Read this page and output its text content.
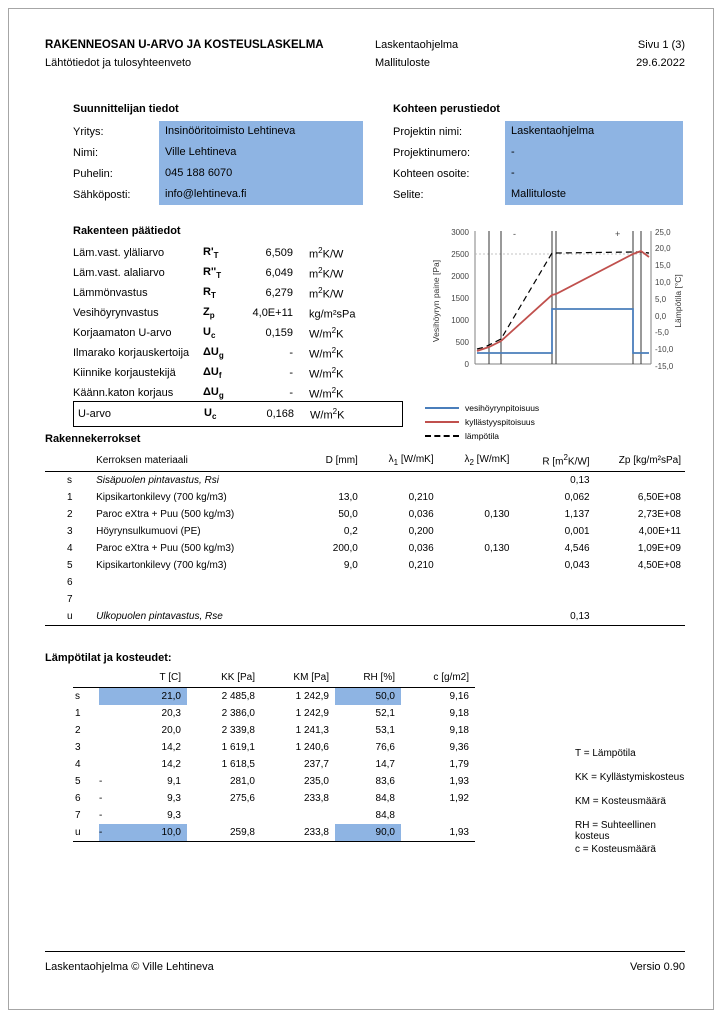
RAKENNEOSAN U-ARVO JA KOSTEUSLASKELMA
Lähtötiedot ja tulosyhteenveto
Laskentaohjelma
Mallituloste
Sivu 1 (3)
29.6.2022
Suunnittelijan tiedot
Yritys:	Insinööritoimisto Lehtineva
Nimi:	Ville Lehtineva
Puhelin:	045 188 6070
Sähköposti:	info@lehtineva.fi
Kohteen perustiedot
Projektin nimi:	Laskentaohjelma
Projektinumero:	-
Kohteen osoite:	-
Selite:	Mallituloste
Rakenteen päätiedot
Läm.vast. yläliarvo	$R'_T$	6,509	$m^2K/W$
Läm.vast. alaliarvo	$R''_T$	6,049	$m^2K/W$
Lämmönvastus	$R_T$	6,279	$m^2K/W$
Vesihöyrynvastus	$Z_p$	4,0E+11	kg/m²sPa
Korjaamaton U-arvo	$U_c$	0,159	$W/m^2K$
Ilmarako korjauskertoija	$\Delta U_g$	-	$W/m^2K$
Kiinnike korjaustekijä	$\Delta U_f$	-	$W/m^2K$
Käänn.katon korjaus	$\Delta U_g$	-	$W/m^2K$
U-arvo	$U_c$	0,168	$W/m^2K$
3000
2500
2000
1500
1000
500
0
25,0
20,0
15,0
10,0
5,0
0,0
-5,0
-10,0
-15,0
Vesihöyryn paine [Pa]	Lämpötila [°C]
-	+
vesihöyrynpitoisuus
kyllästyyspitoisuus
lämpötila
Rakennekerrokset
	Kerroksen materiaali	D [mm]	$\lambda_1$ [W/mK]	$\lambda_2$ [W/mK]	R $[m^2K/W]$	Zp [kg/m²sPa]
s	Sisäpuolen pintavastus, Rsi				0,13	
1	Kipsikartonkilevy (700 kg/m3)	13,0	0,210		0,062	6,50E+08
2	Paroc eXtra + Puu (500 kg/m3)	50,0	0,036	0,130	1,137	2,73E+08
3	Höyrynsulkumuovi (PE)	0,2	0,200		0,001	4,00E+11
4	Paroc eXtra + Puu (500 kg/m3)	200,0	0,036	0,130	4,546	1,09E+09
5	Kipsikartonkilevy (700 kg/m3)	9,0	0,210		0,043	4,50E+08
6						
7						
u	Ulkopuolen pintavastus, Rse				0,13	
Lämpötilat ja kosteudet:
		T [C]	KK [Pa]	KM [Pa]	RH [%]	c [g/m2]
s		21,0	2 485,8	1 242,9	50,0	9,16
1		20,3	2 386,0	1 242,9	52,1	9,18
2		20,0	2 339,8	1 241,3	53,1	9,18
3		14,2	1 619,1	1 240,6	76,6	9,36
4		14,2	1 618,5	237,7	14,7	1,79
5	-	9,1	281,0	235,0	83,6	1,93
6	-	9,3	275,6	233,8	84,8	1,92
7	-	9,3			84,8	
u	-	10,0	259,8	233,8	90,0	1,93
T = Lämpötila
KK = Kyllästymiskosteus
KM = Kosteusmäärä
RH = Suhteellinen kosteus
c = Kosteusmäärä
Laskentaohjelma © Ville Lehtineva	Versio 0.90
